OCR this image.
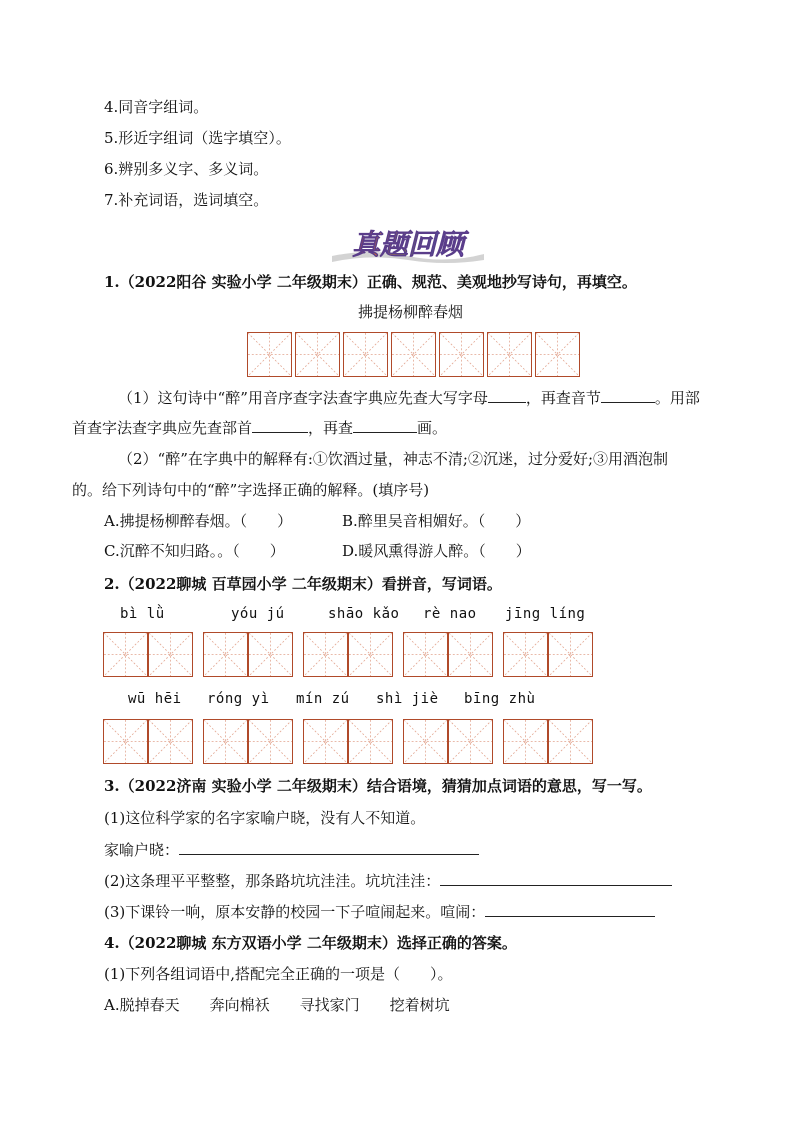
4.同音字组词。
5.形近字组词（选字填空）。
6.辨别多义字、多义词。
7.补充词语，选词填空。
真题回顾
1.（2022阳谷 实验小学 二年级期末）正确、规范、美观地抄写诗句，再填空。
拂提杨柳醉春烟
（1）这句诗中“醉”用音序查字法查字典应先查大写字母	，再查音节	。用部
首查字法查字典应先查部首	，再查	画。
（2）“醉”在字典中的解释有:①饮酒过量，神志不清;②沉迷，过分爱好;③用酒泡制
的。给下列诗句中的“醉”字选择正确的解释。(填序号)
A.拂提杨柳醉春烟。（　　）	B.醉里吴音相媚好。（　　）
C.沉醉不知归路。。（　　）	D.暖风熏得游人醉。（　　）
2.（2022聊城 百草园小学 二年级期末）看拼音，写词语。
bì lǜ	yóu jú	shāo kǎo rè nao jīng líng
wū hēi róng yì mín zú shì jiè bīng zhù
3.（2022济南 实验小学 二年级期末）结合语境，猜猜加点词语的意思，写一写。
(1)这位科学家的名字家喻户晓，没有人不知道。
家喻户晓：
(2)这条理平平整整，那条路坑坑洼洼。坑坑洼洼：
(3)下课铃一响，原本安静的校园一下子喧闹起来。喧闹：
4.（2022聊城 东方双语小学 二年级期末）选择正确的答案。
(1)下列各组词语中,搭配完全正确的一项是（　　）。
A.脱掉春天　　奔向棉袄　　寻找家门　　挖着树坑
